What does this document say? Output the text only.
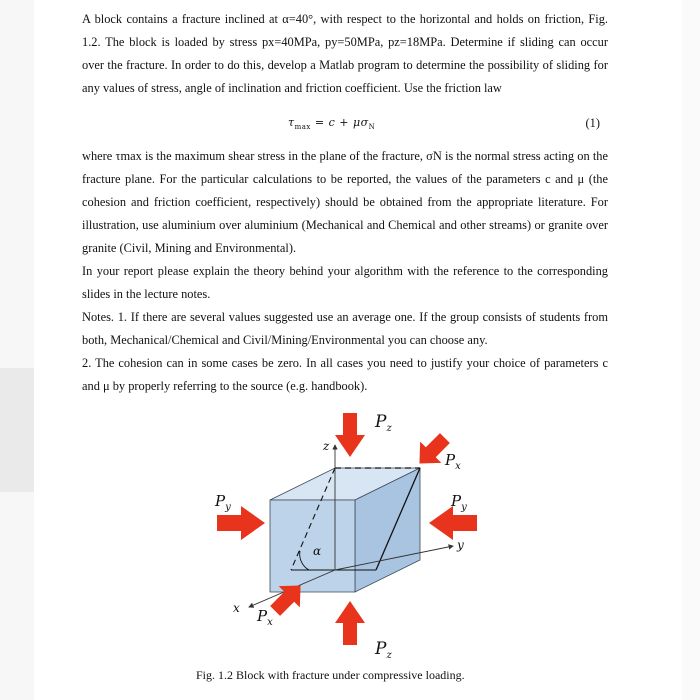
A block contains a fracture inclined at α=40°, with respect to the horizontal and holds on friction, Fig. 1.2. The block is loaded by stress px=40MPa, py=50MPa, pz=18MPa. Determine if sliding can occur over the fracture. In order to do this, develop a Matlab program to determine the possibility of sliding for any values of stress, angle of inclination and friction coefficient. Use the friction law

$\tau_{max} = c + \mu\sigma_N$	(1)

where τmax is the maximum shear stress in the plane of the fracture, σN is the normal stress acting on the fracture plane. For the particular calculations to be reported, the values of the parameters c and μ (the cohesion and friction coefficient, respectively) should be obtained from the appropriate literature. For illustration, use aluminium over aluminium (Mechanical and Chemical and other streams) or granite over granite (Civil, Mining and Environmental).

In your report please explain the theory behind your algorithm with the reference to the corresponding slides in the lecture notes.

Notes. 1. If there are several values suggested use an average one. If the group consists of students from both, Mechanical/Chemical and Civil/Mining/Environmental you can choose any.

2. The cohesion can in some cases be zero. In all cases you need to justify your choice of parameters c and μ by properly referring to the source (e.g. handbook).

α
z
y
x
$P_z$
$P_z$
$P_x$
$P_x$
$P_y$	$P_y$
Fig. 1.2 Block with fracture under compressive loading.
